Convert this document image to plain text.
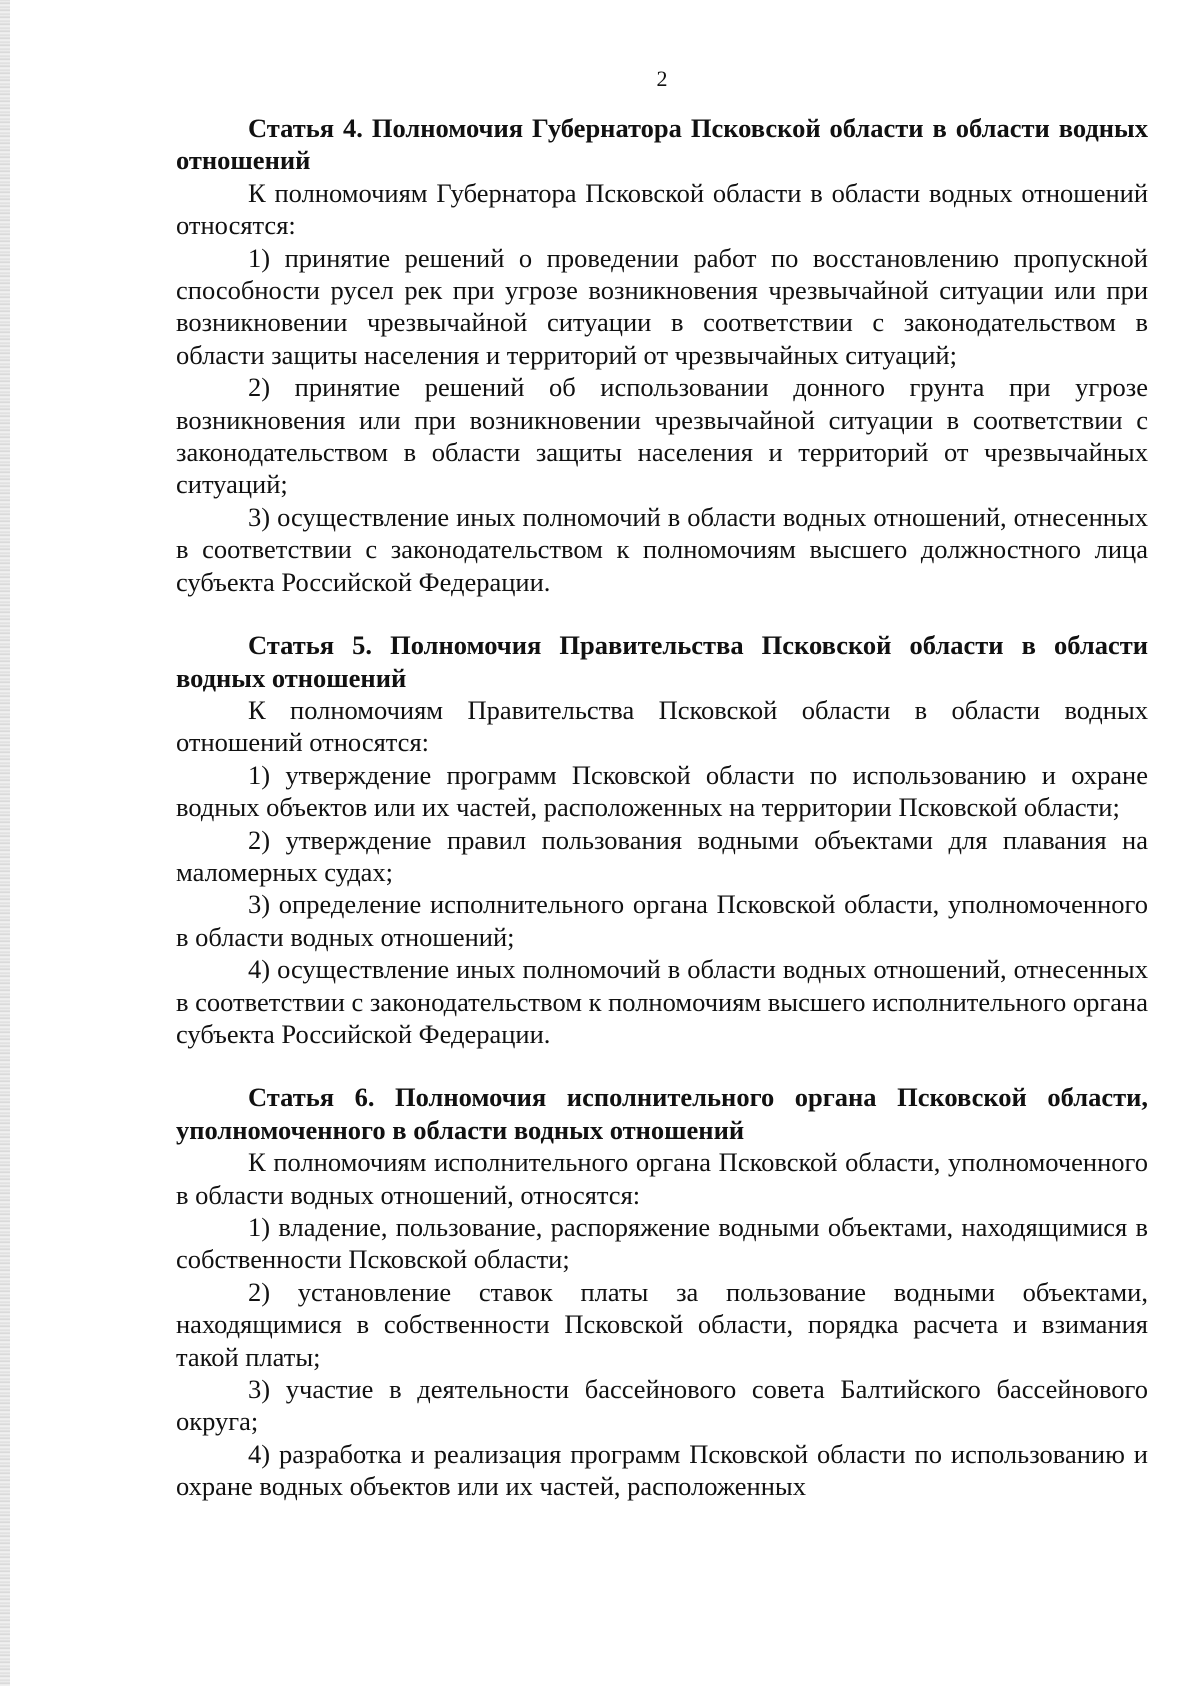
2

Статья 4. Полномочия Губернатора Псковской области в области водных отношений

К полномочиям Губернатора Псковской области в области водных отношений относятся:

1) принятие решений о проведении работ по восстановлению пропускной способности русел рек при угрозе возникновения чрезвычайной ситуации или при возникновении чрезвычайной ситуации в соответствии с законодательством в области защиты населения и территорий от чрезвычайных ситуаций;

2) принятие решений об использовании донного грунта при угрозе возникновения или при возникновении чрезвычайной ситуации в соответствии с законодательством в области защиты населения и территорий от чрезвычайных ситуаций;

3) осуществление иных полномочий в области водных отношений, отнесенных в соответствии с законодательством к полномочиям высшего должностного лица субъекта Российской Федерации.

Статья 5. Полномочия Правительства Псковской области в области водных отношений

К полномочиям Правительства Псковской области в области водных отношений относятся:

1) утверждение программ Псковской области по использованию и охране водных объектов или их частей, расположенных на территории Псковской области;

2) утверждение правил пользования водными объектами для плавания на маломерных судах;

3) определение исполнительного органа Псковской области, уполномоченного в области водных отношений;

4) осуществление иных полномочий в области водных отношений, отнесенных в соответствии с законодательством к полномочиям высшего исполнительного органа субъекта Российской Федерации.

Статья 6. Полномочия исполнительного органа Псковской области, уполномоченного в области водных отношений

К полномочиям исполнительного органа Псковской области, уполномоченного в области водных отношений, относятся:

1) владение, пользование, распоряжение водными объектами, находящимися в собственности Псковской области;

2) установление ставок платы за пользование водными объектами, находящимися в собственности Псковской области, порядка расчета и взимания такой платы;

3) участие в деятельности бассейнового совета Балтийского бассейнового округа;

4) разработка и реализация программ Псковской области по использованию и охране водных объектов или их частей, расположенных
